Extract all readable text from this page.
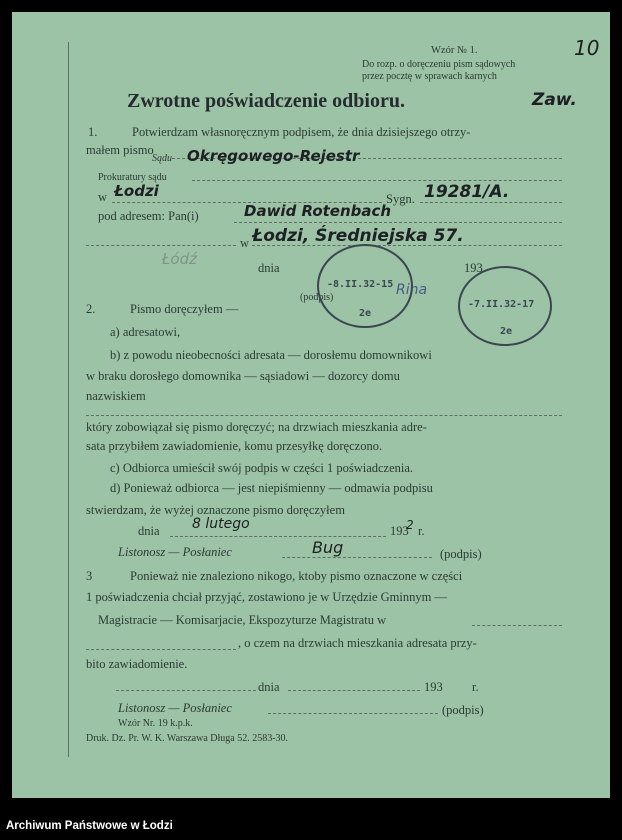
Wzór № 1.
Do rozp. o doręczeniu pism sądowych
przez pocztę w sprawach karnych
10
Zwrotne poświadczenie odbioru.	Zaw.
1.	Potwierdzam własnoręcznym podpisem, że dnia dzisiejszego otrzy-
małem pismo
Sądu Okręgowego-Rejestr
Prokuratury sądu
w Łodzi	Sygn. 19281/A.
pod adresem: Pan(i)	Dawid Rotenbach
w Łodzi, Średniejska 57.
Łódź	dnia	193
(podpis)	Rina
-8.II.32-15
2e
-7.II.32-17
2e
2.	Pismo doręczyłem —
a) adresatowi,
b) z powodu nieobecności adresata — dorosłemu domownikowi
w braku dorosłego domownika — sąsiadowi — dozorcy domu
nazwiskiem
który zobowiązał się pismo doręczyć; na drzwiach mieszkania adre-
sata przybiłem zawiadomienie, komu przesyłkę doręczono.
c) Odbiorca umieścił swój podpis w części 1 poświadczenia.
d) Ponieważ odbiorca — jest niepiśmienny — odmawia podpisu
stwierdzam, że wyżej oznaczone pismo doręczyłem
dnia 8 lutego	193
2 r.
Listonosz — Posłaniec	Bug	(podpis)
3	Ponieważ nie znaleziono nikogo, ktoby pismo oznaczone w części
1 poświadczenia chciał przyjąć, zostawiono je w Urzędzie Gminnym —
Magistracie — Komisarjacie, Ekspozyturze Magistratu w
, o czem na drzwiach mieszkania adresata przy-
bito zawiadomienie.
dnia	193 r.
Listonosz — Posłaniec	(podpis)
Wzór Nr. 19 k.p.k.
Druk. Dz. Pr. W. K. Warszawa Długa 52. 2583-30.
Archiwum Państwowe w Łodzi
